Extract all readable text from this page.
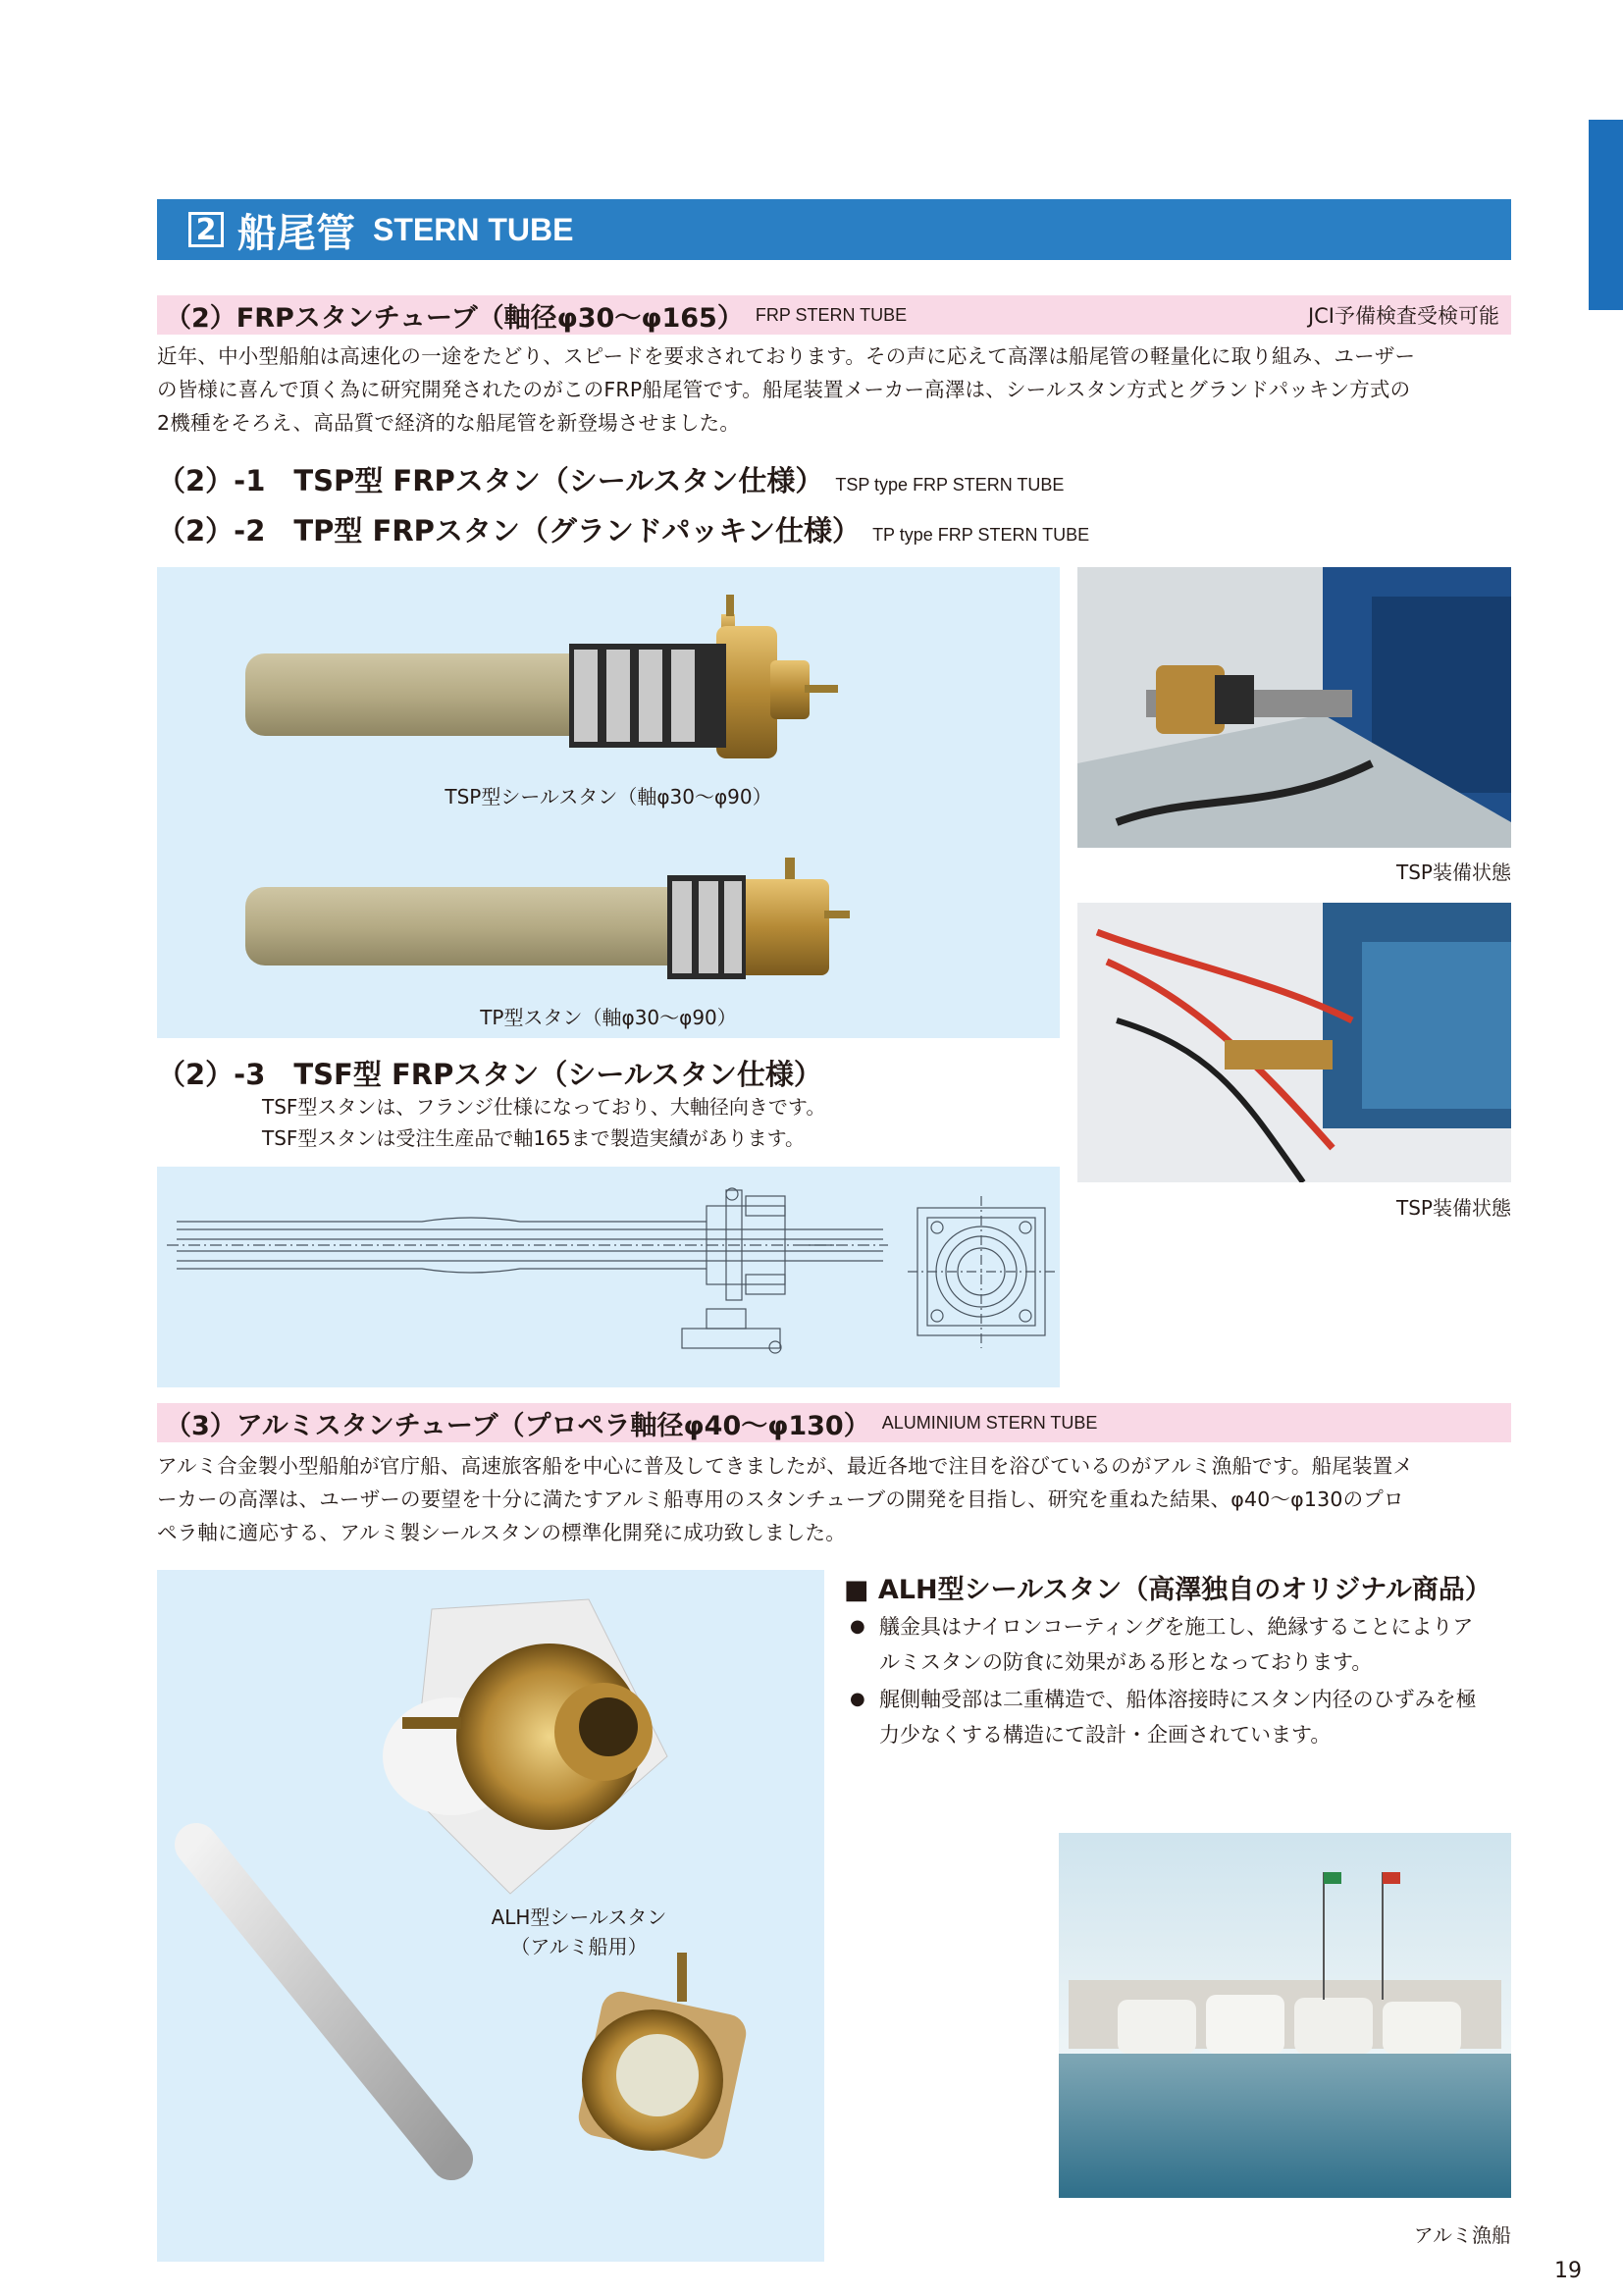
2 船尾管 STERN TUBE
（2）FRPスタンチューブ（軸径φ30〜φ165） FRP STERN TUBE	JCI予備検査受検可能
近年、中小型船舶は高速化の一途をたどり、スピードを要求されております。その声に応えて高澤は船尾管の軽量化に取り組み、ユーザー
の皆様に喜んで頂く為に研究開発されたのがこのFRP船尾管です。船尾装置メーカー高澤は、シールスタン方式とグランドパッキン方式の
2機種をそろえ、高品質で経済的な船尾管を新登場させました。
（2）-1　TSP型 FRPスタン（シールスタン仕様） TSP type FRP STERN TUBE
（2）-2　TP型 FRPスタン（グランドパッキン仕様） TP type FRP STERN TUBE
TSP型シールスタン（軸φ30〜φ90）
TP型スタン（軸φ30〜φ90）
TSP装備状態
TSP装備状態
（2）-3　TSF型 FRPスタン（シールスタン仕様）
TSF型スタンは、フランジ仕様になっており、大軸径向きです。
TSF型スタンは受注生産品で軸165まで製造実績があります。
（3）アルミスタンチューブ（プロペラ軸径φ40〜φ130） ALUMINIUM STERN TUBE
アルミ合金製小型船舶が官庁船、高速旅客船を中心に普及してきましたが、最近各地で注目を浴びているのがアルミ漁船です。船尾装置メ
ーカーの高澤は、ユーザーの要望を十分に満たすアルミ船専用のスタンチューブの開発を目指し、研究を重ねた結果、φ40〜φ130のプロ
ペラ軸に適応する、アルミ製シールスタンの標準化開発に成功致しました。
ALH型シールスタン
（アルミ船用）
■ ALH型シールスタン（高澤独自のオリジナル商品）
● 艤金具はナイロンコーティングを施工し、絶縁することによりア
ルミスタンの防食に効果がある形となっております。
● 艉側軸受部は二重構造で、船体溶接時にスタン内径のひずみを極
力少なくする構造にて設計・企画されています。
アルミ漁船
19
